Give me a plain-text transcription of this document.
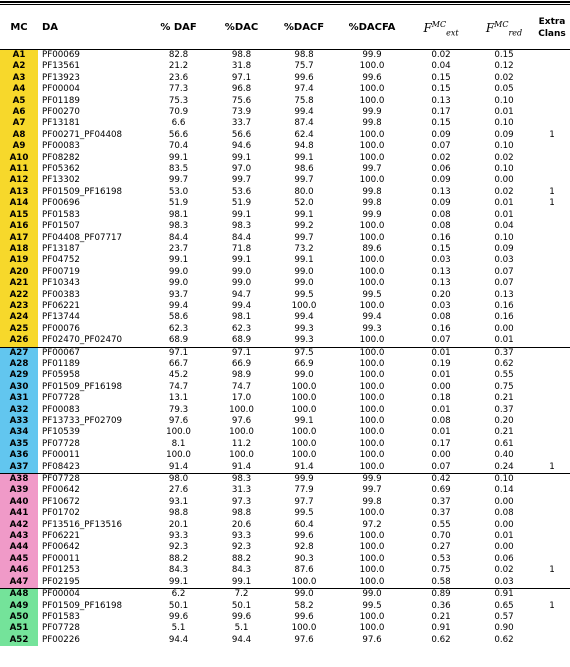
MC	DA	% DAF	%DAC	%DACF	%DACFA	$F^{MC}_{ext}$	$F^{MC}_{red}$	Extra
Clans
A1	PF00069	82.8	98.8	98.8	99.9	0.02	0.15	
A2	PF13561	21.2	31.8	75.7	100.0	0.04	0.12	
A3	PF13923	23.6	97.1	99.6	99.6	0.15	0.02	
A4	PF00004	77.3	96.8	97.4	100.0	0.15	0.05	
A5	PF01189	75.3	75.6	75.8	100.0	0.13	0.10	
A6	PF00270	70.9	73.9	99.4	99.9	0.17	0.01	
A7	PF13181	6.6	33.7	87.4	99.8	0.15	0.10	
A8	PF00271_PF04408	56.6	56.6	62.4	100.0	0.09	0.09	1
A9	PF00083	70.4	94.6	94.8	100.0	0.07	0.10	
A10	PF08282	99.1	99.1	99.1	100.0	0.02	0.02	
A11	PF05362	83.5	97.0	98.6	99.7	0.06	0.10	
A12	PF13302	99.7	99.7	99.7	100.0	0.09	0.00	
A13	PF01509_PF16198	53.0	53.6	80.0	99.8	0.13	0.02	1
A14	PF00696	51.9	51.9	52.0	99.8	0.09	0.01	1
A15	PF01583	98.1	99.1	99.1	99.9	0.08	0.01	
A16	PF01507	98.3	98.3	99.2	100.0	0.08	0.04	
A17	PF04408_PF07717	84.4	84.4	99.7	100.0	0.16	0.10	
A18	PF13187	23.7	71.8	73.2	89.6	0.15	0.09	
A19	PF04752	99.1	99.1	99.1	100.0	0.03	0.03	
A20	PF00719	99.0	99.0	99.0	100.0	0.13	0.07	
A21	PF10343	99.0	99.0	99.0	100.0	0.13	0.07	
A22	PF00383	93.7	94.7	99.5	99.5	0.20	0.13	
A23	PF06221	99.4	99.4	100.0	100.0	0.03	0.16	
A24	PF13744	58.6	98.1	99.4	99.4	0.08	0.16	
A25	PF00076	62.3	62.3	99.3	99.3	0.16	0.00	
A26	PF02470_PF02470	68.9	68.9	99.3	100.0	0.07	0.01	
A27	PF00067	97.1	97.1	97.5	100.0	0.01	0.37	
A28	PF01189	66.7	66.9	66.9	100.0	0.19	0.62	
A29	PF05958	45.2	98.9	99.0	100.0	0.01	0.55	
A30	PF01509_PF16198	74.7	74.7	100.0	100.0	0.00	0.75	
A31	PF07728	13.1	17.0	100.0	100.0	0.18	0.21	
A32	PF00083	79.3	100.0	100.0	100.0	0.01	0.37	
A33	PF13733_PF02709	97.6	97.6	99.1	100.0	0.08	0.20	
A34	PF10539	100.0	100.0	100.0	100.0	0.01	0.21	
A35	PF07728	8.1	11.2	100.0	100.0	0.17	0.61	
A36	PF00011	100.0	100.0	100.0	100.0	0.00	0.40	
A37	PF08423	91.4	91.4	91.4	100.0	0.07	0.24	1
A38	PF07728	98.0	98.3	99.9	99.9	0.42	0.10	
A39	PF00642	27.6	31.3	77.9	99.7	0.69	0.14	
A40	PF10672	93.1	97.3	97.7	99.8	0.37	0.00	
A41	PF01702	98.8	98.8	99.5	100.0	0.37	0.08	
A42	PF13516_PF13516	20.1	20.6	60.4	97.2	0.55	0.00	
A43	PF06221	93.3	93.3	99.6	100.0	0.70	0.01	
A44	PF00642	92.3	92.3	92.8	100.0	0.27	0.00	
A45	PF00011	88.2	88.2	90.3	100.0	0.53	0.06	
A46	PF01253	84.3	84.3	87.6	100.0	0.75	0.02	1
A47	PF02195	99.1	99.1	100.0	100.0	0.58	0.03	
A48	PF00004	6.2	7.2	99.0	99.0	0.89	0.91	
A49	PF01509_PF16198	50.1	50.1	58.2	99.5	0.36	0.65	1
A50	PF01583	99.6	99.6	99.6	100.0	0.21	0.57	
A51	PF07728	5.1	5.1	100.0	100.0	0.91	0.90	
A52	PF00226	94.4	94.4	97.6	97.6	0.62	0.62	
